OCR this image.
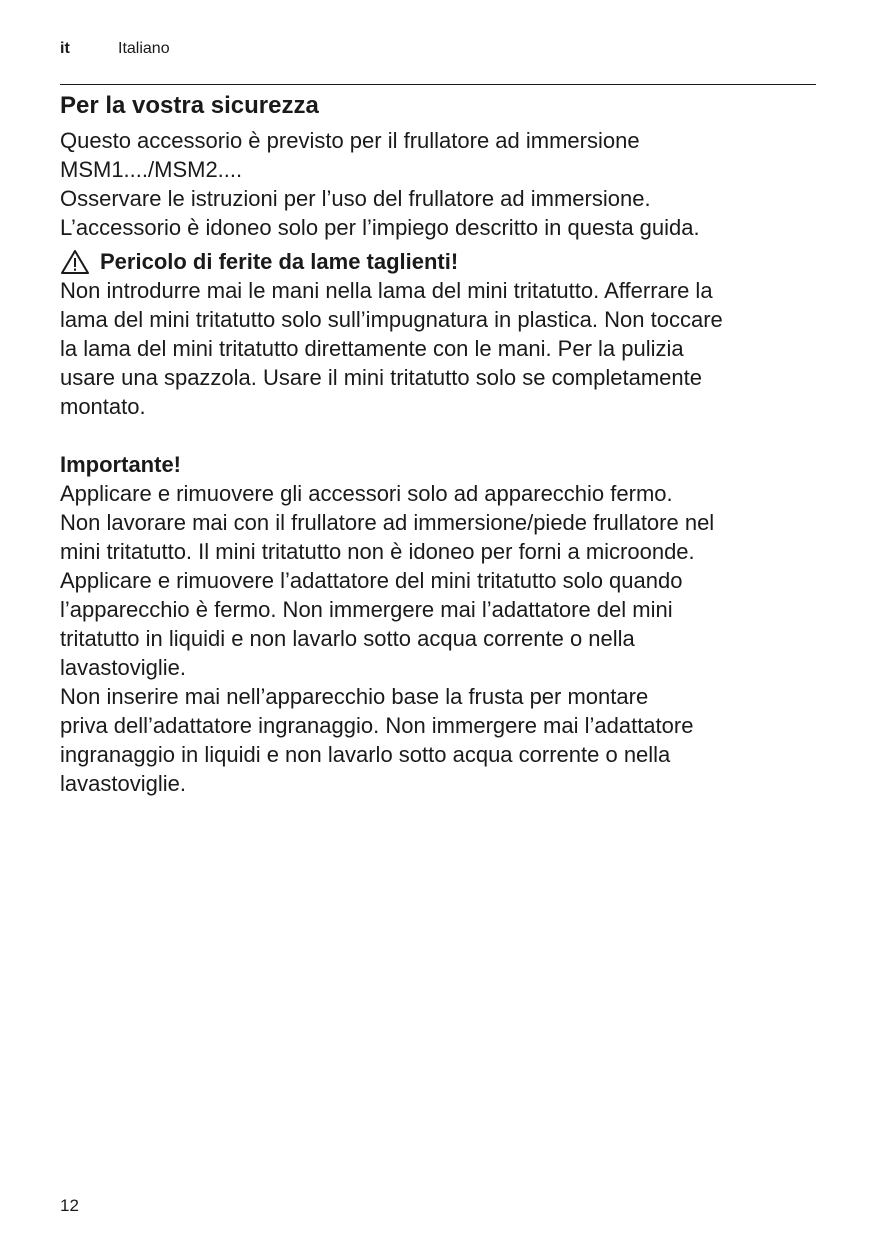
it	Italiano
Per la vostra sicurezza

Questo accessorio è previsto per il frullatore ad immersione

MSM1..../MSM2....

Osservare le istruzioni per l’uso del frullatore ad immersione.

L’accessorio è idoneo solo per l’impiego descritto in questa guida.

Pericolo di ferite da lame taglienti!

Non introdurre mai le mani nella lama del mini tritatutto. Afferrare la

lama del mini tritatutto solo sull’impugnatura in plastica. Non toccare

la lama del mini tritatutto direttamente con le mani. Per la pulizia

usare una spazzola. Usare il mini tritatutto solo se completamente

montato.

Importante!

Applicare e rimuovere gli accessori solo ad apparecchio fermo.

Non lavorare mai con il frullatore ad immersione/piede frullatore nel

mini tritatutto. Il mini tritatutto non è idoneo per forni a microonde.

Applicare e rimuovere l’adattatore del mini tritatutto solo quando

l’apparecchio è fermo. Non immergere mai l’adattatore del mini

tritatutto in liquidi e non lavarlo sotto acqua corrente o nella

lavastoviglie.

Non inserire mai nell’apparecchio base la frusta per montare

priva dell’adattatore ingranaggio. Non immergere mai l’adattatore

ingranaggio in liquidi e non lavarlo sotto acqua corrente o nella

lavastoviglie.

12
